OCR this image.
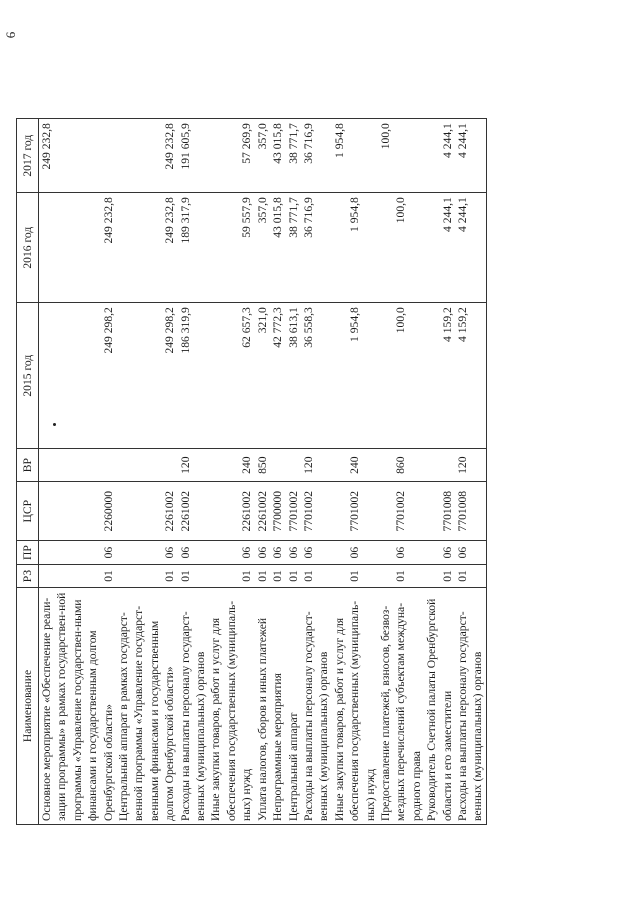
6
Наименование	РЗ	ПР	ЦСР	ВР	2015 год	2016 год	2017 год
Основное мероприятие «Обеспечение реали-зации программы» в рамках государствен-ной программы «Управление государствен-ными финансами и государственным долгом Оренбургской области»	01	06	2260000		249 298,2	249 232,8	249 232,8
Центральный аппарат в рамках государст-венной программы «Управление государст-венными финансами и государственным долгом Оренбургской области»	01	06	2261002		249 298,2	249 232,8	249 232,8
Расходы на выплаты персоналу государст-венных (муниципальных) органов	01	06	2261002	120	186 319,9	189 317,9	191 605,9
Иные закупки товаров, работ и услуг для обеспечения государственных (муниципаль-ных) нужд	01	06	2261002	240	62 657,3	59 557,9	57 269,9
Уплата налогов, сборов и иных платежей	01	06	2261002	850	321,0	357,0	357,0
Непрограммные мероприятия	01	06	7700000		42 772,3	43 015,8	43 015,8
Центральный аппарат	01	06	7701002		38 613,1	38 771,7	38 771,7
Расходы на выплаты персоналу государст-венных (муниципальных) органов	01	06	7701002	120	36 558,3	36 716,9	36 716,9
Иные закупки товаров, работ и услуг для обеспечения государственных (муниципаль-ных) нужд	01	06	7701002	240	1 954,8	1 954,8	1 954,8
Предоставление платежей, взносов, безвоз-мездных перечислений субъектам междуна-родного права	01	06	7701002	860	100,0	100,0	100,0
Руководитель Счетной палаты Оренбургской области и его заместители	01	06	7701008		4 159,2	4 244,1	4 244,1
Расходы на выплаты персоналу государст-венных (муниципальных) органов	01	06	7701008	120	4 159,2	4 244,1	4 244,1
